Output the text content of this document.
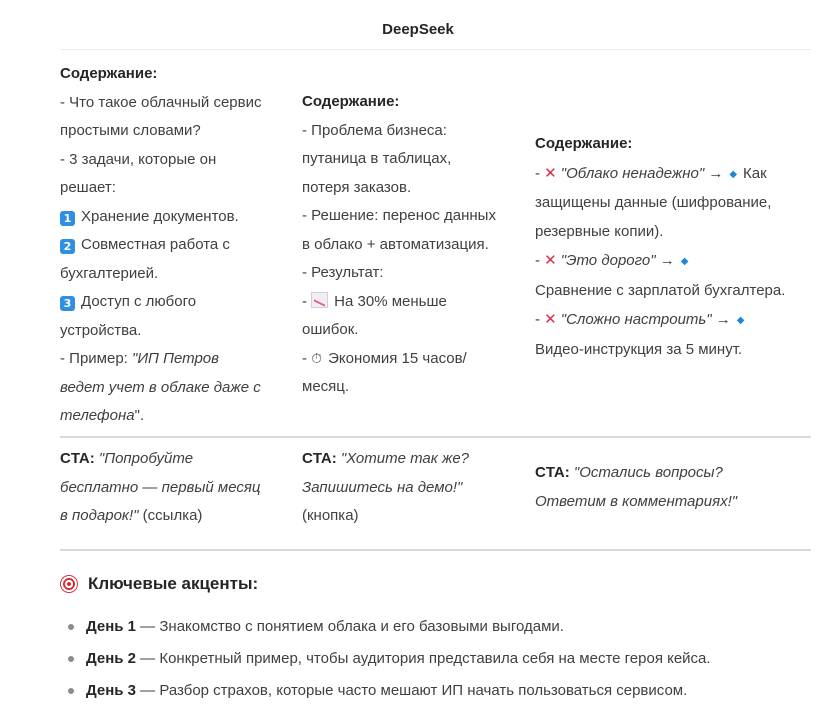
DeepSeek
Содержание:
- Что такое облачный сервис
простыми словами?
- 3 задачи, которые он
решает:
1 Хранение документов.
2 Совместная работа с
бухгалтерией.
3 Доступ с любого
устройства.
- Пример: "ИП Петров
ведет учет в облаке даже с
телефона".
Содержание:
- Проблема бизнеса:
путаница в таблицах,
потеря заказов.
- Решение: перенос данных
в облако + автоматизация.
- Результат:
- На 30% меньше
ошибок.
- ⏱ Экономия 15 часов/
месяц.
Содержание:
- ✕ "Облако ненадежно" → ◆ Как
защищены данные (шифрование,
резервные копии).
- ✕ "Это дорого" → ◆
Сравнение с зарплатой бухгалтера.
- ✕ "Сложно настроить" → ◆
Видео-инструкция за 5 минут.
CTA: "Попробуйте
бесплатно — первый месяц
в подарок!" (ссылка)
CTA: "Хотите так же?
Запишитесь на демо!"
(кнопка)
CTA: "Остались вопросы?
Ответим в комментариях!"
Ключевые акценты:
День 1 — Знакомство с понятием облака и его базовыми выгодами.
День 2 — Конкретный пример, чтобы аудитория представила себя на месте героя кейса.
День 3 — Разбор страхов, которые часто мешают ИП начать пользоваться сервисом.
